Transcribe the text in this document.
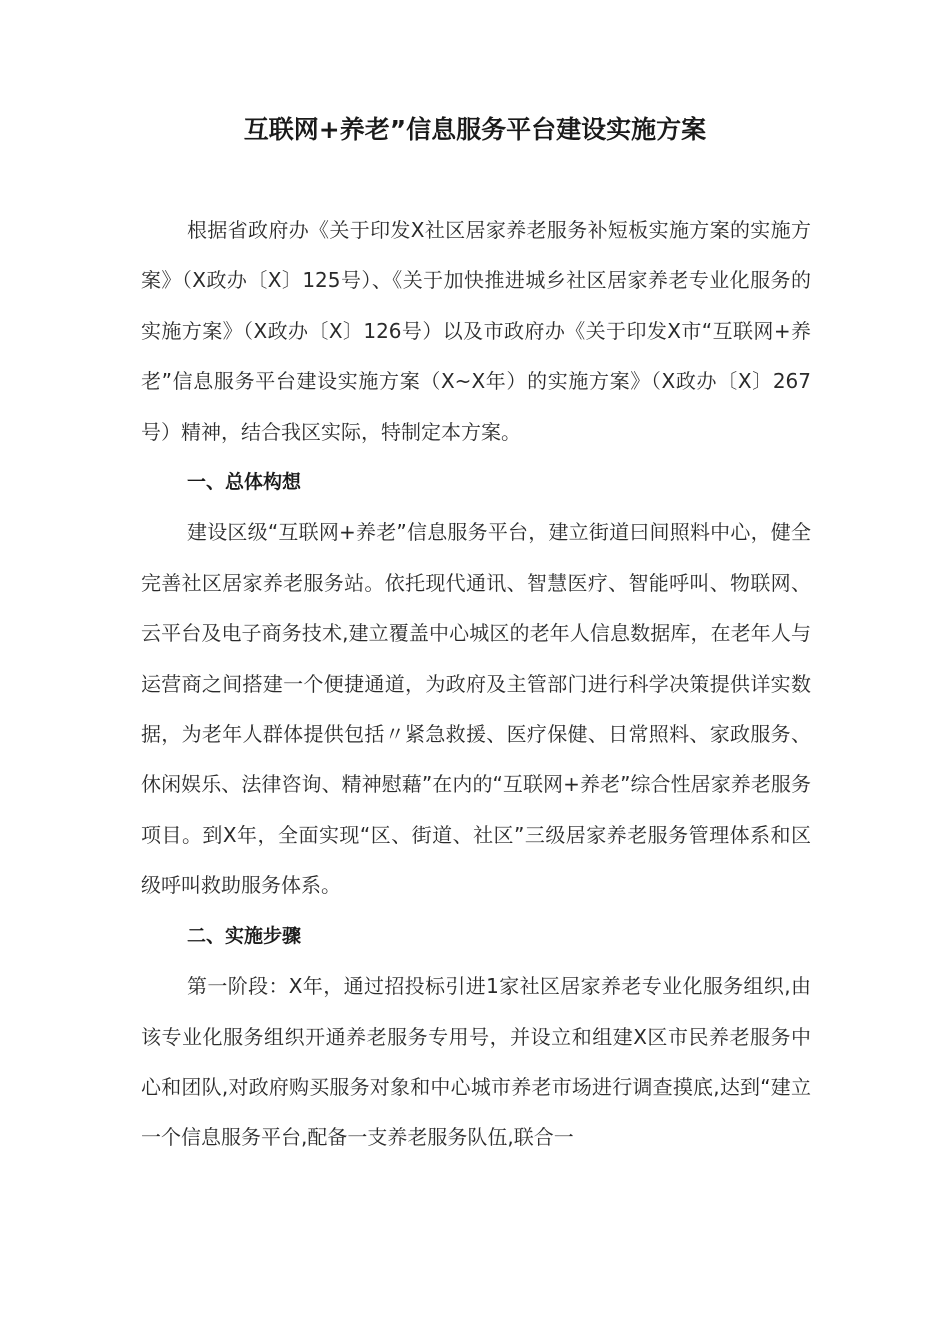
互联网+养老”信息服务平台建设实施方案

根据省政府办《关于印发X社区居家养老服务补短板实施方案的实施方案》（X政办〔X〕125号）、《关于加快推进城乡社区居家养老专业化服务的实施方案》（X政办〔X〕126号）以及市政府办《关于印发X市“互联网+养老”信息服务平台建设实施方案（X~X年）的实施方案》（X政办〔X〕267号）精神，结合我区实际，特制定本方案。

一、总体构想

建设区级“互联网+养老”信息服务平台，建立街道曰间照料中心，健全完善社区居家养老服务站。依托现代通讯、智慧医疗、智能呼叫、物联网、云平台及电子商务技术,建立覆盖中心城区的老年人信息数据库，在老年人与运营商之间搭建一个便捷通道，为政府及主管部门进行科学决策提供详实数据，为老年人群体提供包括〃紧急救援、医疗保健、日常照料、家政服务、休闲娱乐、法律咨询、精神慰藉”在内的“互联网+养老”综合性居家养老服务项目。到X年，全面实现“区、街道、社区”三级居家养老服务管理体系和区级呼叫救助服务体系。

二、实施步骤

第一阶段：X年，通过招投标引进1家社区居家养老专业化服务组织,由该专业化服务组织开通养老服务专用号，并设立和组建X区市民养老服务中心和团队,对政府购买服务对象和中心城市养老市场进行调查摸底,达到“建立一个信息服务平台,配备一支养老服务队伍,联合一
